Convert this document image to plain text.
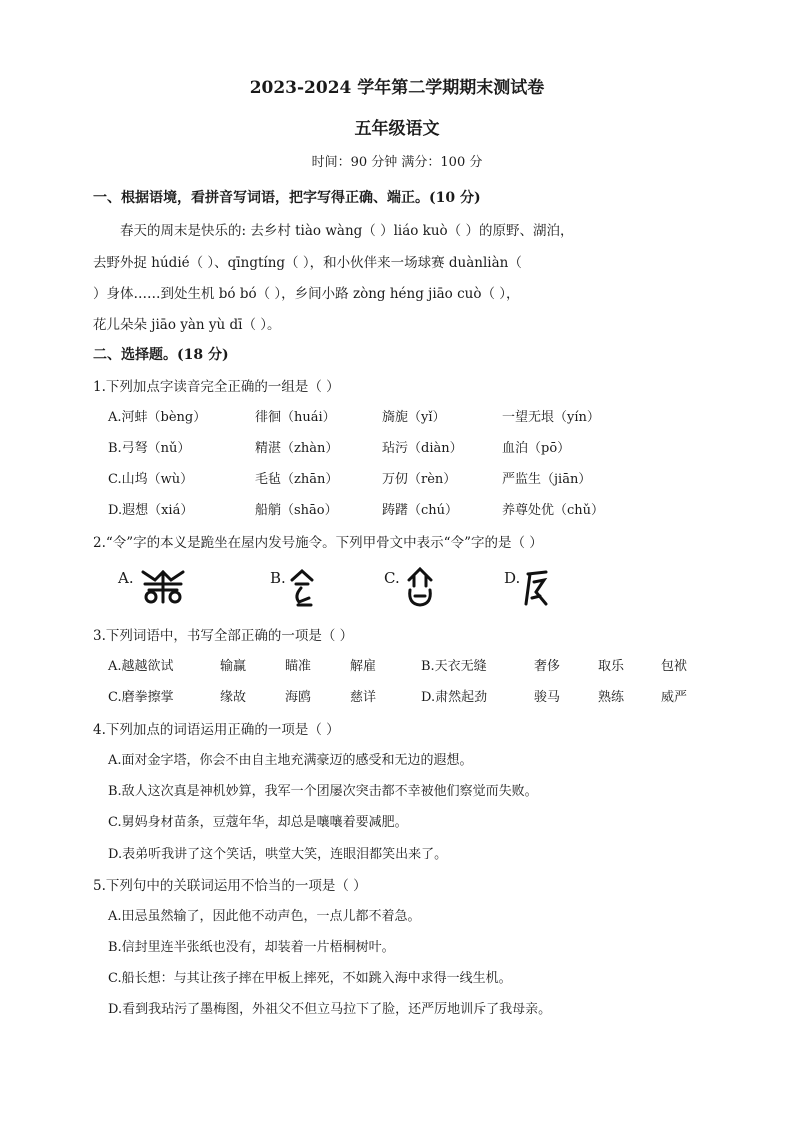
2023-2024 学年第二学期期末测试卷
五年级语文
时间：90 分钟 满分：100 分
一、根据语境，看拼音写词语，把字写得正确、端正。(10 分)
春天的周末是快乐的: 去乡村 tiào wàng（ ）liáo kuò（ ）的原野、湖泊，
去野外捉 húdié（ ）、qīngtíng（ ），和小伙伴来一场球赛 duànliàn（
）身体……到处生机 bó bó（ ），乡间小路 zòng héng jiāo cuò（ ），
花儿朵朵 jiāo yàn yù dī（ ）。
二、选择题。(18 分)
1.下列加点字读音完全正确的一组是（ ）
A.河蚌（bèng）	徘徊（huái）	旖旎（yǐ）	一望无垠（yín）
B.弓弩（nǔ）	精湛（zhàn）	玷污（diàn）	血泊（pō）
C.山坞（wù）	毛毡（zhān）	万仞（rèn）	严监生（jiān）
D.遐想（xiá）	船艄（shāo）	踌躇（chú）	养尊处优（chǔ）
2.“令”字的本义是跪坐在屋内发号施令。下列甲骨文中表示“令”字的是（ ）
A.	B.	C.	D.
3.下列词语中，书写全部正确的一项是（ ）
A.越越欲试	输赢	瞄准	解雇	B.天衣无缝	奢侈	取乐	包袱
C.磨拳擦掌	缘故	海鸥	慈详	D.肃然起劲	骏马	熟练	威严
4.下列加点的词语运用正确的一项是（ ）
A.面对金字塔，你会不由自主地充满豪迈的感受和无边的遐想。
B.敌人这次真是神机妙算，我军一个团屡次突击都不幸被他们察觉而失败。
C.舅妈身材苗条，豆蔻年华，却总是嚷嚷着要减肥。
D.表弟听我讲了这个笑话，哄堂大笑，连眼泪都笑出来了。
5.下列句中的关联词运用不恰当的一项是（ ）
A.田忌虽然输了，因此他不动声色，一点儿都不着急。
B.信封里连半张纸也没有，却装着一片梧桐树叶。
C.船长想：与其让孩子摔在甲板上摔死，不如跳入海中求得一线生机。
D.看到我玷污了墨梅图，外祖父不但立马拉下了脸，还严厉地训斥了我母亲。
